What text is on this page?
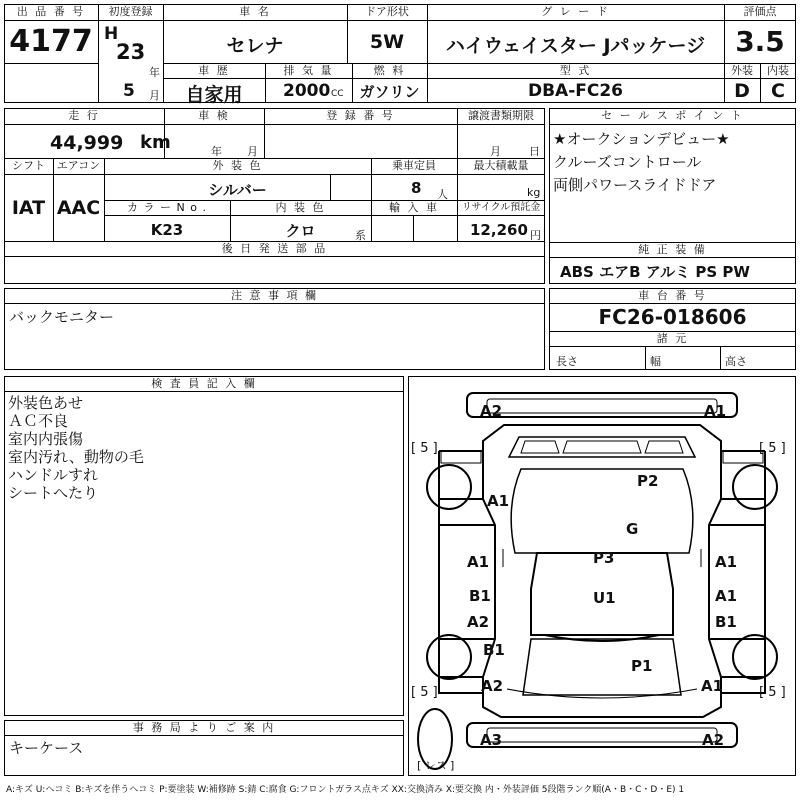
出 品 番 号
4177
初度登録
H
23
年
5 月
車 名
セレナ
ドア形状
5W
グ レ ー ド
ハイウェイスター Jパッケージ
評価点
3.5
車 歴
自家用
排 気 量
2000 CC
燃 料
ガソリン
型 式
DBA-FC26
外装
D
内装
C
走 行
44,999 km
車 検
年 月
登 録 番 号	譲渡書類期限
月	日
シフト
IAT
エアコン
AAC
外 装 色
シルバー
乗車定員
8 人
最大積載量
kg
カ ラ ー N o .
K23
内 装 色
クロ	系
輸 入 車	リサイクル預託金
12,260 円
後 日 発 送 部 品
セ ー ル ス ポ イ ン ト
★オークションデビュー★
クルーズコントロール
両側パワースライドドア
純 正 装 備
ABS エアB アルミ PS PW
注 意 事 項 欄
バックモニター
車 台 番 号
FC26-018606
諸 元
長さ	幅	高さ
検 査 員 記 入 欄
外装色あせ
ＡＣ不良
室内内張傷
室内汚れ、動物の毛
ハンドルすれ
シートへたり
事 務 局 よ り ご 案 内
キーケース
A2	A1
P2
A1
G
A1	A1
P3
B1	A1
U1
A2	B1
B1
P1
A2	A1
A3	A2
[ 5 ]	[ 5 ]
[ 5 ]	[ 5 ]
[ レス ]
A:キズ U:ヘコミ B:キズを伴うヘコミ P:要塗装 W:補修跡 S:錆 C:腐食 G:フロントガラス点キズ XX:交換済み X:要交換 内・外装評価 5段階ランク順(A・B・C・D・E) 1
